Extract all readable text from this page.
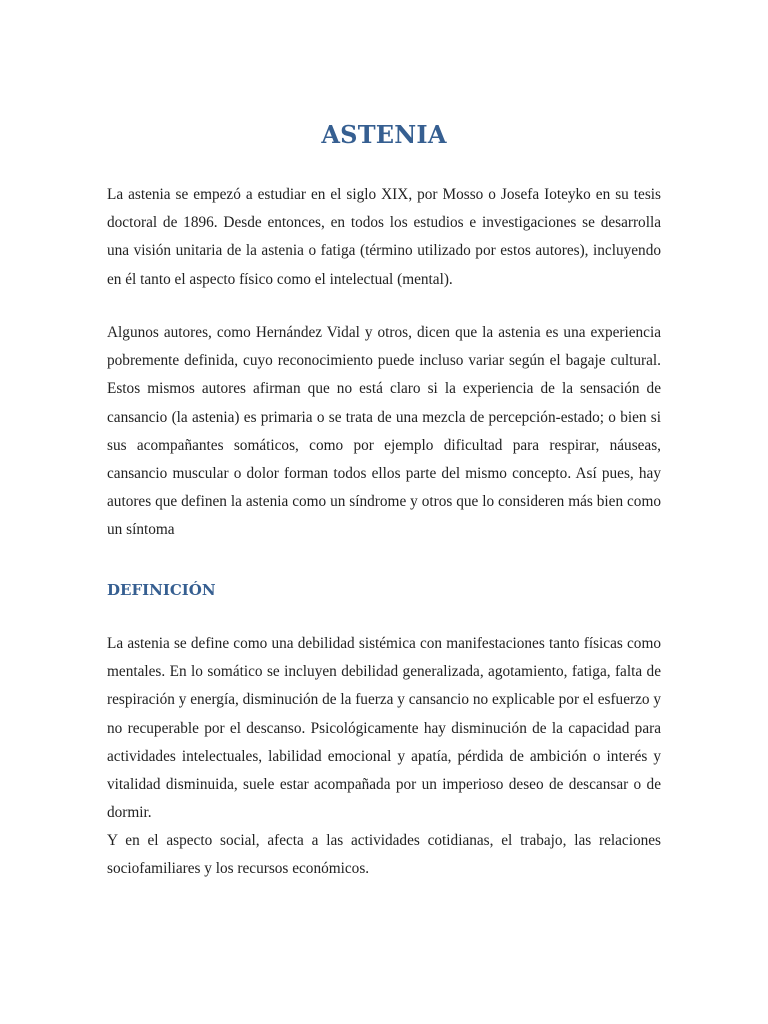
ASTENIA

La astenia se empezó a estudiar en el siglo XIX, por Mosso o Josefa Ioteyko en su tesis doctoral de 1896. Desde entonces, en todos los estudios e investigaciones se desarrolla una visión unitaria de la astenia o fatiga (término utilizado por estos autores), incluyendo en él tanto el aspecto físico como el intelectual (mental).

Algunos autores, como Hernández Vidal y otros, dicen que la astenia es una experiencia pobremente definida, cuyo reconocimiento puede incluso variar según el bagaje cultural. Estos mismos autores afirman que no está claro si la experiencia de la sensación de cansancio (la astenia) es primaria o se trata de una mezcla de percepción-estado; o bien si sus acompañantes somáticos, como por ejemplo dificultad para respirar, náuseas, cansancio muscular o dolor forman todos ellos parte del mismo concepto. Así pues, hay autores que definen la astenia como un síndrome y otros que lo consideren más bien como un síntoma

DEFINICIÓN

La astenia se define como una debilidad sistémica con manifestaciones tanto físicas como mentales. En lo somático se incluyen debilidad generalizada, agotamiento, fatiga, falta de respiración y energía, disminución de la fuerza y cansancio no explicable por el esfuerzo y no recuperable por el descanso. Psicológicamente hay disminución de la capacidad para actividades intelectuales, labilidad emocional y apatía, pérdida de ambición o interés y vitalidad disminuida, suele estar acompañada por un imperioso deseo de descansar o de dormir.

Y en el aspecto social, afecta a las actividades cotidianas, el trabajo, las relaciones sociofamiliares y los recursos económicos.
